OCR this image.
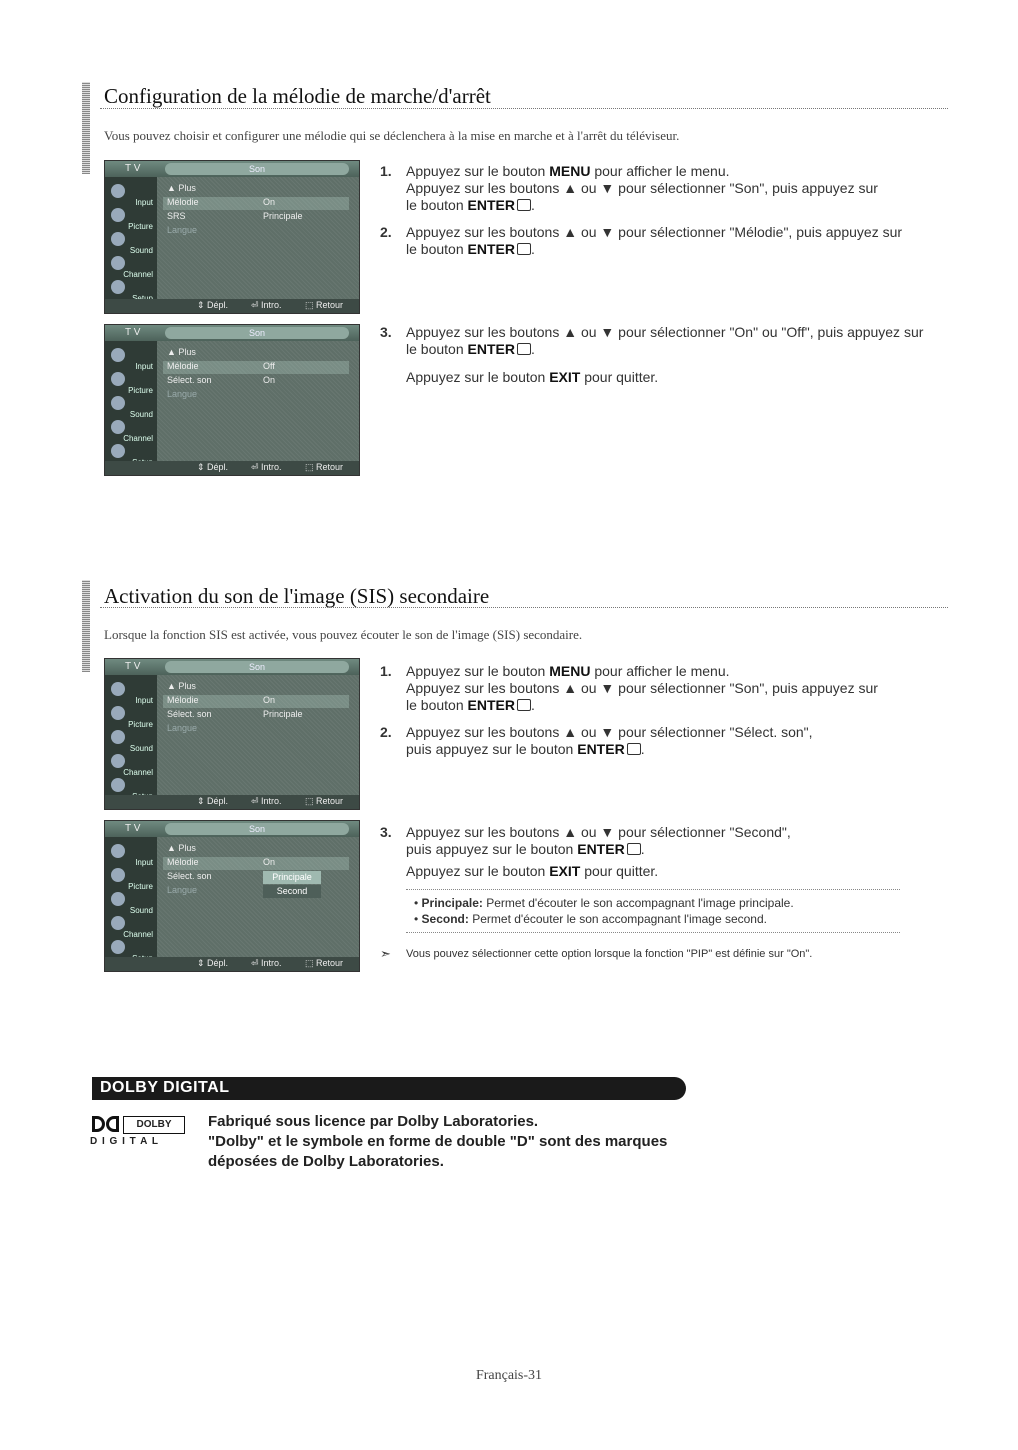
Configuration de la mélodie de marche/d'arrêt
Vous pouvez choisir et configurer une mélodie qui se déclenchera à la mise en marche et à l'arrêt du téléviseur.
T V	Son
Input
Picture
Sound
Channel
▲ Plus
Mélodie	On
SRS	Principale
Langue
⇕ Dépl.	⏎ Intro.	⬚ Retour
T V	Son
Input
Picture
Sound
Channel
▲ Plus
Mélodie	Off
Sélect. son	On
Langue
⇕ Dépl.	⏎ Intro.	⬚ Retour
1. Appuyez sur le bouton MENU pour afficher le menu.
Appuyez sur les boutons ▲ ou ▼ pour sélectionner "Son", puis appuyez sur
le bouton ENTER .
2. Appuyez sur les boutons ▲ ou ▼ pour sélectionner "Mélodie", puis appuyez sur
le bouton ENTER .
3. Appuyez sur les boutons ▲ ou ▼ pour sélectionner "On" ou "Off", puis appuyez sur
le bouton ENTER .
Appuyez sur le bouton EXIT pour quitter.
Activation du son de l'image (SIS) secondaire
Lorsque la fonction SIS est activée, vous pouvez écouter le son de l'image (SIS) secondaire.
T V	Son
Input
Picture
Sound
Channel
▲ Plus
Mélodie	On
Sélect. son	Principale
Langue
⇕ Dépl.	⏎ Intro.	⬚ Retour
T V	Son
Input
Picture
Sound
Channel
▲ Plus
Mélodie	On
Sélect. son
Langue
Principale
Second
⇕ Dépl.	⏎ Intro.	⬚ Retour
1. Appuyez sur le bouton MENU pour afficher le menu.
Appuyez sur les boutons ▲ ou ▼ pour sélectionner "Son", puis appuyez sur
le bouton ENTER .
2. Appuyez sur les boutons ▲ ou ▼ pour sélectionner "Sélect. son",
puis appuyez sur le bouton ENTER .
3. Appuyez sur les boutons ▲ ou ▼ pour sélectionner "Second",
puis appuyez sur le bouton ENTER .
Appuyez sur le bouton EXIT pour quitter.
• Principale: Permet d'écouter le son accompagnant l'image principale.
• Second: Permet d'écouter le son accompagnant l'image second.
➣ Vous pouvez sélectionner cette option lorsque la fonction "PIP" est définie sur "On".
DOLBY DIGITAL
DOLBY
D I G I T A L
Fabriqué sous licence par Dolby Laboratories.
"Dolby" et le symbole en forme de double "D" sont des marques
déposées de Dolby Laboratories.
Français-31
